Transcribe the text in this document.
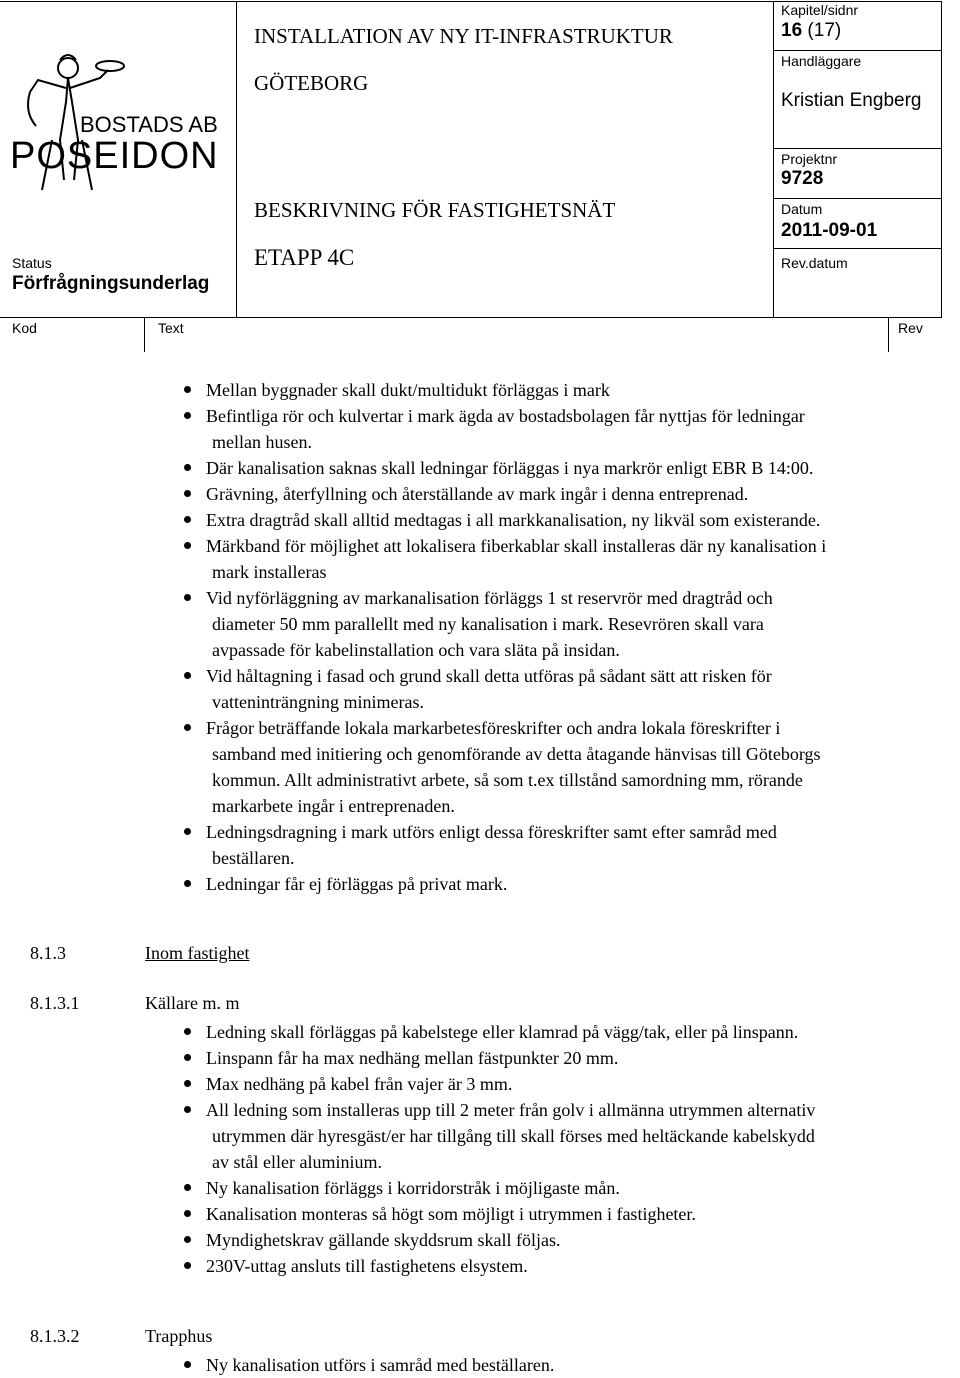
BOSTADS AB
POSEIDON
Status
Förfrågningsunderlag
INSTALLATION AV NY IT-INFRASTRUKTUR
GÖTEBORG
BESKRIVNING FÖR FASTIGHETSNÄT
ETAPP 4C
Kapitel/sidnr
16 (17)
Handläggare
Kristian Engberg
Projektnr
9728
Datum
2011-09-01
Rev.datum
Kod	Text	Rev
Mellan byggnader skall dukt/multidukt förläggas i mark
Befintliga rör och kulvertar i mark ägda av bostadsbolagen får nyttjas för ledningar
mellan husen.
Där kanalisation saknas skall ledningar förläggas i nya markrör enligt EBR B 14:00.
Grävning, återfyllning och återställande av mark ingår i denna entreprenad.
Extra dragtråd skall alltid medtagas i all markkanalisation, ny likväl som existerande.
Märkband för möjlighet att lokalisera fiberkablar skall installeras där ny kanalisation i
mark installeras
Vid nyförläggning av markanalisation förläggs 1 st reservrör med dragtråd och
diameter 50 mm parallellt med ny kanalisation i mark. Resevrören skall vara
avpassade för kabelinstallation och vara släta på insidan.
Vid håltagning i fasad och grund skall detta utföras på sådant sätt att risken för
vatteninträngning minimeras.
Frågor beträffande lokala markarbetesföreskrifter och andra lokala föreskrifter i
samband med initiering och genomförande av detta åtagande hänvisas till Göteborgs
kommun. Allt administrativt arbete, så som t.ex tillstånd samordning mm, rörande
markarbete ingår i entreprenaden.
Ledningsdragning i mark utförs enligt dessa föreskrifter samt efter samråd med
beställaren.
Ledningar får ej förläggas på privat mark.
8.1.3	Inom fastighet
8.1.3.1	Källare m. m
Ledning skall förläggas på kabelstege eller klamrad på vägg/tak, eller på linspann.
Linspann får ha max nedhäng mellan fästpunkter 20 mm.
Max nedhäng på kabel från vajer är 3 mm.
All ledning som installeras upp till 2 meter från golv i allmänna utrymmen alternativ
utrymmen där hyresgäst/er har tillgång till skall förses med heltäckande kabelskydd
av stål eller aluminium.
Ny kanalisation förläggs i korridorstråk i möjligaste mån.
Kanalisation monteras så högt som möjligt i utrymmen i fastigheter.
Myndighetskrav gällande skyddsrum skall följas.
230V-uttag ansluts till fastighetens elsystem.
8.1.3.2	Trapphus
Ny kanalisation utförs i samråd med beställaren.
